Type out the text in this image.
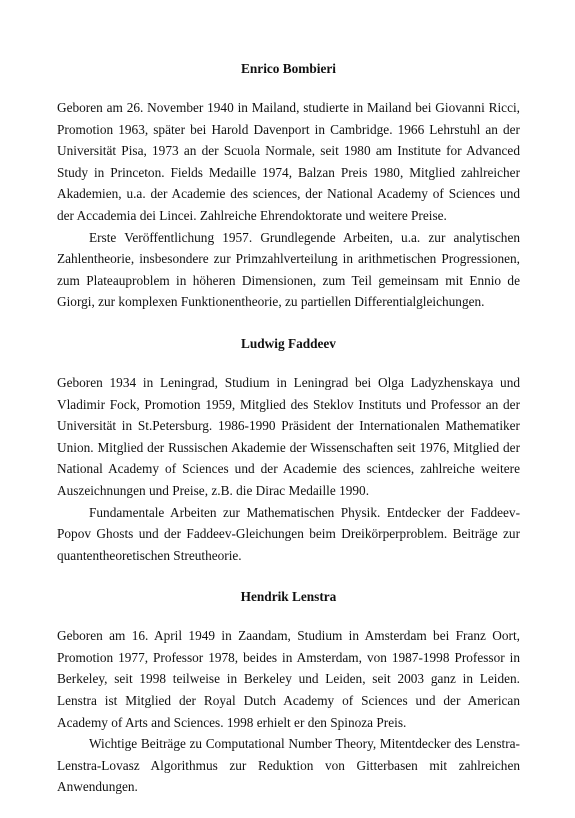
Enrico Bombieri

Geboren am 26. November 1940 in Mailand, studierte in Mailand bei Giovanni Ricci, Promotion 1963, später bei Harold Davenport in Cambridge. 1966 Lehrstuhl an der Universität Pisa, 1973 an der Scuola Normale, seit 1980 am Institute for Advanced Study in Princeton. Fields Medaille 1974, Balzan Preis 1980, Mitglied zahlreicher Akademien, u.a. der Academie des sciences, der National Academy of Sciences und der Accademia dei Lincei. Zahlreiche Ehrendoktorate und weitere Preise.

Erste Veröffentlichung 1957. Grundlegende Arbeiten, u.a. zur analytischen Zahlentheorie, insbesondere zur Primzahlverteilung in arithmetischen Progressionen, zum Plateauproblem in höheren Dimensionen, zum Teil gemeinsam mit Ennio de Giorgi, zur komplexen Funktionentheorie, zu partiellen Differentialgleichungen.

Ludwig Faddeev

Geboren 1934 in Leningrad, Studium in Leningrad bei Olga Ladyzhenskaya und Vladimir Fock, Promotion 1959, Mitglied des Steklov Instituts und Professor an der Universität in St.Petersburg. 1986-1990 Präsident der Internationalen Mathematiker Union. Mitglied der Russischen Akademie der Wissenschaften seit 1976, Mitglied der National Academy of Sciences und der Academie des sciences, zahlreiche weitere Auszeichnungen und Preise, z.B. die Dirac Medaille 1990.

Fundamentale Arbeiten zur Mathematischen Physik. Entdecker der Faddeev-Popov Ghosts und der Faddeev-Gleichungen beim Dreikörperproblem. Beiträge zur quantentheoretischen Streutheorie.

Hendrik Lenstra

Geboren am 16. April 1949 in Zaandam, Studium in Amsterdam bei Franz Oort, Promotion 1977, Professor 1978, beides in Amsterdam, von 1987-1998 Professor in Berkeley, seit 1998 teilweise in Berkeley und Leiden, seit 2003 ganz in Leiden. Lenstra ist Mitglied der Royal Dutch Academy of Sciences und der American Academy of Arts and Sciences. 1998 erhielt er den Spinoza Preis.

Wichtige Beiträge zu Computational Number Theory, Mitentdecker des Lenstra-Lenstra-Lovasz Algorithmus zur Reduktion von Gitterbasen mit zahlreichen Anwendungen.
